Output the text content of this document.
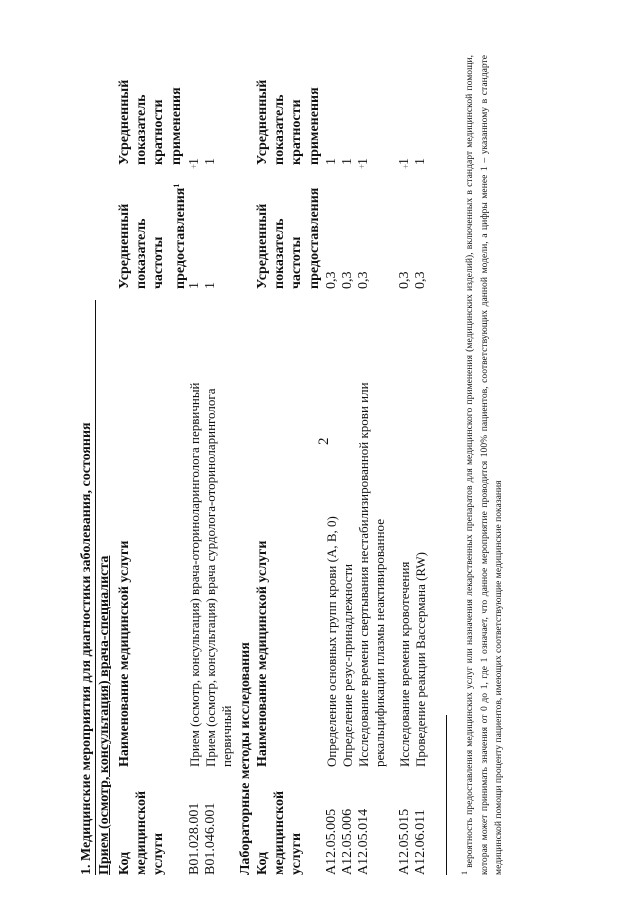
2
1. Медицинские мероприятия для диагностики заболевания, состояния Прием (осмотр, консультация) врача-специалиста Код
медицинской
услуги
Наименование медицинской услуги
Усредненный
показатель
частоты
предоставления$^1$
Усредненный
показатель
кратности
применения
B01.028.001
Прием (осмотр, консультация) врача-оториноларинголога первичный
1
1
B01.046.001
Прием (осмотр, консультация) врача сурдолога-оториноларинголога
первичный
1
1
Лабораторные методы исследования Код
медицинской
услуги
Наименование медицинской услуги
Усредненный
показатель
частоты
предоставления
Усредненный
показатель
кратности
применения
A12.05.005
Определение основных групп крови (А, В, 0)
0,3
1
A12.05.006
Определение резус-принадлежности
0,3
1
A12.05.014
Исследование времени свертывания нестабилизированной крови или
рекальцификации плазмы неактивированное
0,3
1
A12.05.015
Исследование времени кровотечения
0,3
1
A12.06.011
Проведение реакции Вассермана (RW)
0,3
1
$^1$ вероятность предоставления медицинских услуг или назначения лекарственных препаратов для медицинского применения (медицинских изделий), включенных в стандарт медицинской помощи, которая может принимать значения от 0 до 1, где 1 означает, что данное мероприятие проводится 100% пациентов, соответствующих данной модели, а цифры менее 1 – указанному в стандарте медицинской помощи проценту пациентов, имеющих соответствующие медицинские показания
+	+	+
